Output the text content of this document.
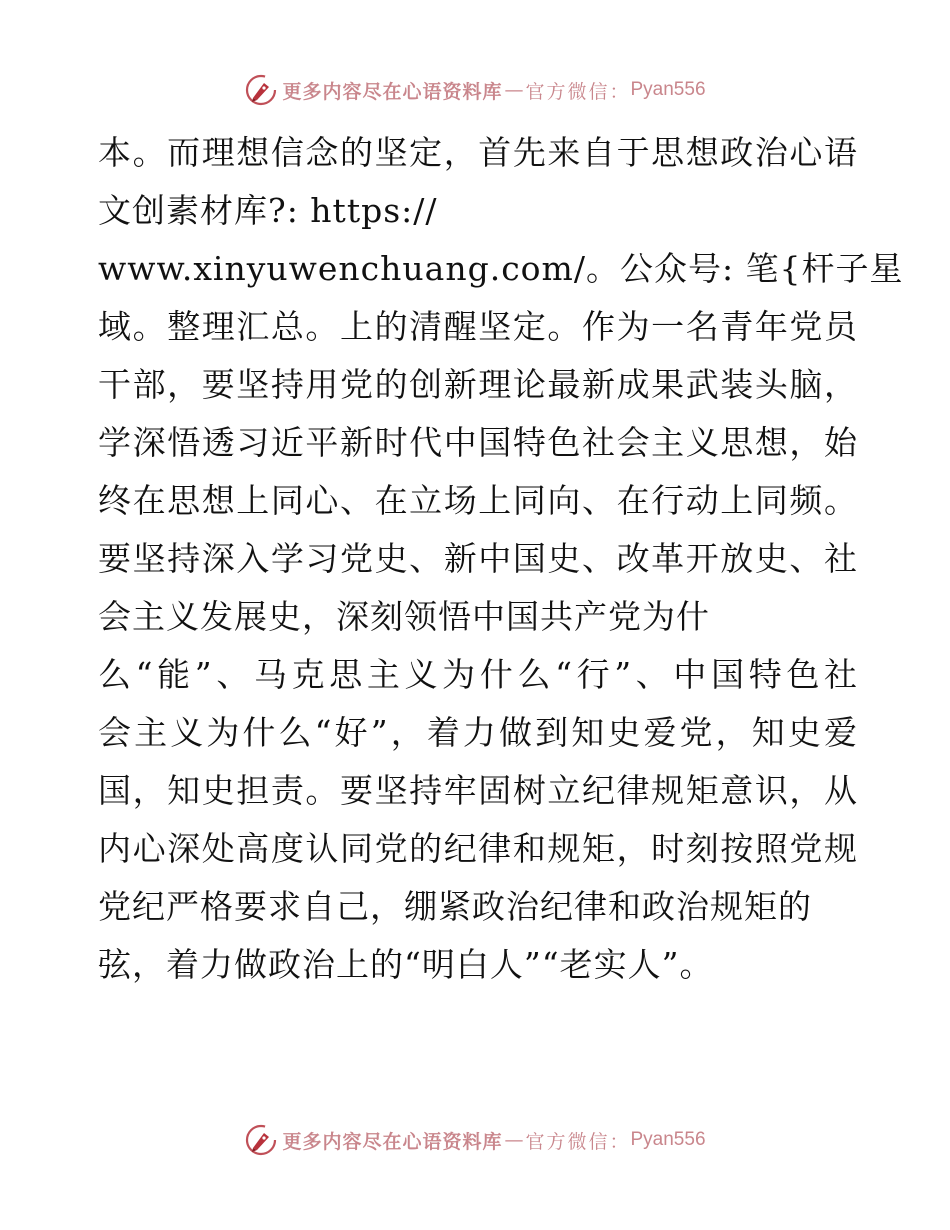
更多内容尽在心语资料库 — 官方微信： Pyan556
本。而理想信念的坚定，首先来自于思想政治心语
文创素材库?: https://
www.xinyuwenchuang.com/。公众号: 笔{杆子星
域。整理汇总。上的清醒坚定。作为一名青年党员
干部，要坚持用党的创新理论最新成果武装头脑，
学深悟透习近平新时代中国特色社会主义思想，始
终在思想上同心、在立场上同向、在行动上同频。
要坚持深入学习党史、新中国史、改革开放史、社
会主义发展史，深刻领悟中国共产党为什
么“能”、马克思主义为什么“行”、中国特色社
会主义为什么“好”，着力做到知史爱党，知史爱
国，知史担责。要坚持牢固树立纪律规矩意识，从
内心深处高度认同党的纪律和规矩，时刻按照党规
党纪严格要求自己，绷紧政治纪律和政治规矩的
弦，着力做政治上的“明白人”“老实人”。
更多内容尽在心语资料库 — 官方微信： Pyan556
